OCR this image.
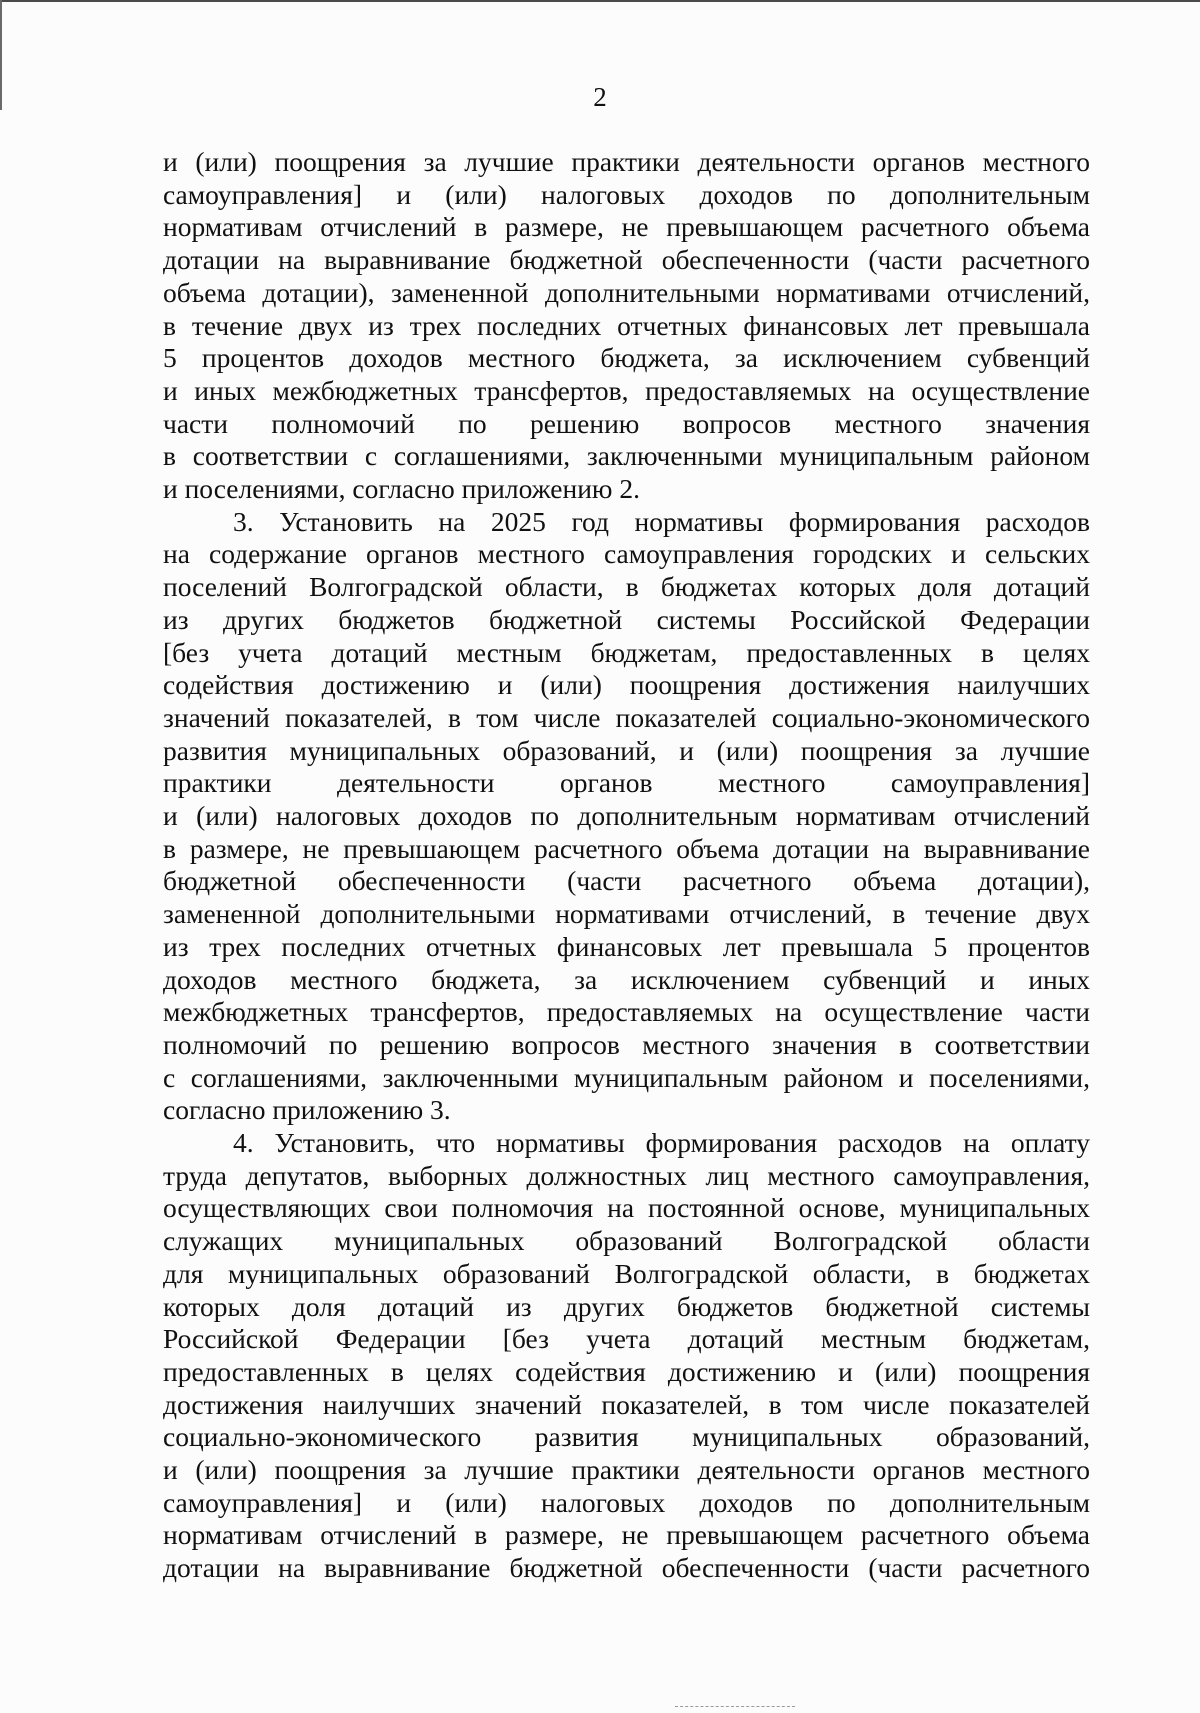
2
и (или) поощрения за лучшие практики деятельности органов местного
самоуправления] и (или) налоговых доходов по дополнительным
нормативам отчислений в размере, не превышающем расчетного объема
дотации на выравнивание бюджетной обеспеченности (части расчетного
объема дотации), замененной дополнительными нормативами отчислений,
в течение двух из трех последних отчетных финансовых лет превышала
5 процентов доходов местного бюджета, за исключением субвенций
и иных межбюджетных трансфертов, предоставляемых на осуществление
части полномочий по решению вопросов местного значения
в соответствии с соглашениями, заключенными муниципальным районом
и поселениями, согласно приложению 2.
3. Установить на 2025 год нормативы формирования расходов
на содержание органов местного самоуправления городских и сельских
поселений Волгоградской области, в бюджетах которых доля дотаций
из других бюджетов бюджетной системы Российской Федерации
[без учета дотаций местным бюджетам, предоставленных в целях
содействия достижению и (или) поощрения достижения наилучших
значений показателей, в том числе показателей социально-экономического
развития муниципальных образований, и (или) поощрения за лучшие
практики деятельности органов местного самоуправления]
и (или) налоговых доходов по дополнительным нормативам отчислений
в размере, не превышающем расчетного объема дотации на выравнивание
бюджетной обеспеченности (части расчетного объема дотации),
замененной дополнительными нормативами отчислений, в течение двух
из трех последних отчетных финансовых лет превышала 5 процентов
доходов местного бюджета, за исключением субвенций и иных
межбюджетных трансфертов, предоставляемых на осуществление части
полномочий по решению вопросов местного значения в соответствии
с соглашениями, заключенными муниципальным районом и поселениями,
согласно приложению 3.
4. Установить, что нормативы формирования расходов на оплату
труда депутатов, выборных должностных лиц местного самоуправления,
осуществляющих свои полномочия на постоянной основе, муниципальных
служащих муниципальных образований Волгоградской области
для муниципальных образований Волгоградской области, в бюджетах
которых доля дотаций из других бюджетов бюджетной системы
Российской Федерации [без учета дотаций местным бюджетам,
предоставленных в целях содействия достижению и (или) поощрения
достижения наилучших значений показателей, в том числе показателей
социально-экономического развития муниципальных образований,
и (или) поощрения за лучшие практики деятельности органов местного
самоуправления] и (или) налоговых доходов по дополнительным
нормативам отчислений в размере, не превышающем расчетного объема
дотации на выравнивание бюджетной обеспеченности (части расчетного
